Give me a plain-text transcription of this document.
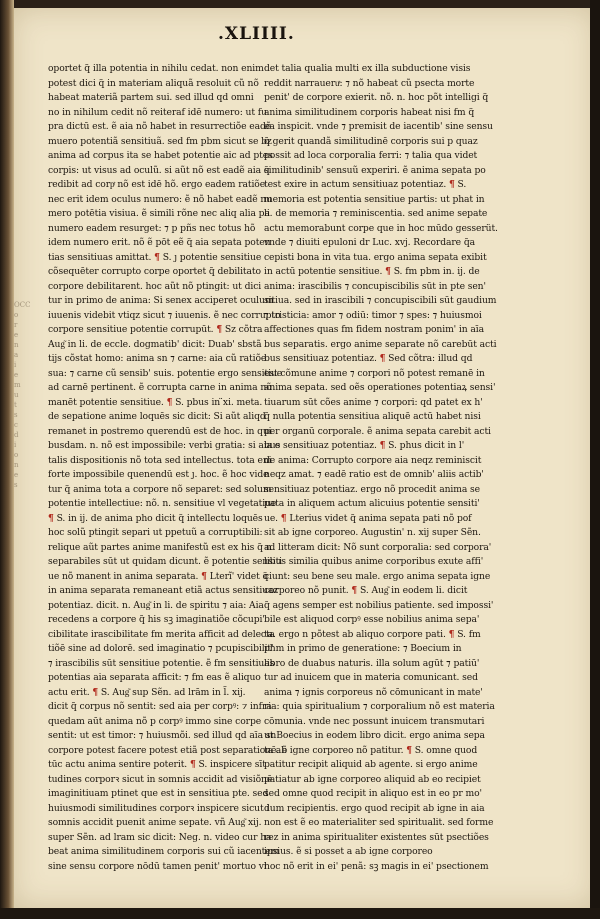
OCC
o
r
e
n
a
i
e
m
u
t
s
c
d
i
o
n
e
s
.XLIIII.
oportet q̃ illa potentia in nihilu cedat. non enim
potest dici q̃ in materiam aliquã resoluit cũ nõ
habeat materiã partem sui. sed illud qd omni
no in nihilum cedit nõ reiteraf idē numero: ut fu
pra dictū est. ẽ aia nõ habet in resurrectiõe eadẽ
muero potentiã sensitiuã. sed fm pbm sicut se bz
anima ad corpus ita se habet potentie aic ad ptes
corpis: ut visus ad oculũ. si aũt nõ est eadẽ aia q̃
redibit ad corpͬ nõ est idē hõ. ergo eadem ratiõe
nec erit idem oculus numero: ẽ nõ habet eadẽ nu
mero potētia visiua. ẽ simili rõne nec aliq alia pa
numero eadem resurget: ⁊ p pñs nec totus hõ
idem numero erit. nõ ẽ pōt eẽ q̃ aia sepata poten
tias sensitiuas amittat. ¶ S. ȷ potentie sensitiue
cõsequēter corrupto corpe oportet q̃ debilitato
corpore debilitarent. hoc aũt nõ ptingit: ut dici
tur in primo de anima: Si senex acciperet oculum
iuuenis videbit vtiqz sicut ⁊ iuuenis. ẽ nec corrupto
corpore sensitiue potentie corrupūt. ¶ Sz cõtra
Aug͂ in li. de eccle. dogmatib' dicit: Duab' sbstã
tijs cõstat homo: anima sn ⁊ carne: aia cũ ratiõe
sua: ⁊ carne cũ sensib' suis. potentie ergo sensitiue
ad carnē pertinent. ẽ corrupta carne in anima nõ
manēt potentie sensitiue. ¶ S. pbus in ̈xi. meta.
de sepatione anime loquēs sic dicit: Si aũt aliqd
remanet in postremo querendū est de hoc. in qui
busdam. n. nõ est impossibile: verbi gratia: si aia e
talis dispositionis nõ tota sed intellectus. tota eni
forte impossibile quenendū est ȷ. hoc. ẽ hoc vide
tur q̃ anima tota a corpore nõ separet: sed solum
potentie intellectiue: nõ. n. sensitiue vl vegetatiue
¶ S. in ij. de anima pho dicit q̃ intellectu loquēs
hoc solũ ptingit separi ut ppetuũ a corruptibili:
relique aũt partes anime manifestũ est ex his q̃ n
separabiles sūt ut quidam dicunt. ẽ potentie sensiti
ue nõ manent in anima separata. ¶ Lterĩ' videt q̃
in anima separata remaneant etiã actus sensitiuaz
potentiaz. dicit. n. Aug͂ in li. de spiritu ⁊ aia: Aia
recedens a corpore q̃ his sꝫ imaginatiõe cõcupi'
cibilitate irascibilitate fm merita afficit ad delecta
tiõē sine ad dolorē. sed imaginatio ⁊ pcupiscibilit'
⁊ irascibilis sūt sensitiue potentie. ẽ fm sensitiuas
potentias aia separata afficit: ⁊ fm eas ẽ aliquo
actu erit. ¶ S. Aug͂ sup Sẽn. ad lrām in l̃. xij.
dicit q̃ corpus nõ sentit: sed aia per corpꝰ: ⁊ infra
quedam aūt anima nõ p corpꝰ immo sine corpe
sentit: ut est timor: ⁊ huiusmõi. sed illud qd aīa sn
corpore potest facere potest etiã post separationē. ẽ
tūc actu anima sentire poterit. ¶ S. inspicere sīt
tudines corporꝛ sicut in somnis accidit ad visiõnē
imaginitiuam ptinet que est in sensitiua pte. sed
huiusmodi similitudines corporꝛ inspicere sicut i
somnis accidit puenit anime sepate. vñ Aug͂ xij.
super Sẽn. ad lram sic dicit: Neg. n. video cur ha
beat anima similitudinem corporis sui cũ iacentem
sine sensu corpore nōdū tamen penit' mortuo vi
det talia qualia multi ex illa subductione visis
reddit narraueruͬ: ⁊ nõ habeat cũ psecta morte
penit' de corpore exierit. nõ. n. hoc põt intelligi q̃
anima similitudinem corporis habeat nisi fm q̃
ea inspicit. vnde ⁊ premisit de iacentib' sine sensu
q̃ gerit quandã similitudinē corporis sui p quaz
possit ad loca corporalia ferri: ⁊ talia qua videt
similitudinib' sensuũ experiri. ẽ anima sepata po
test exire in actum sensitiuaz potentiaz. ¶ S.
memoria est potentia sensitiue partis: ut phat in
li. de memoria ⁊ reminiscentia. sed anime sepate
actu memorabunt corpe que in hoc mūdo gesserüt.
vnde ⁊ diuiti epuloni dr Luc. xvj. Recordare q̃a
cepisti bona in vita tua. ergo anima sepata exibit
in actū potentie sensitiue. ¶ S. fm pbm in. ij. de
anima: irascibilis ⁊ concupiscibilis sūt in pte sen'
sitiua. sed in irascibili ⁊ concupiscibili sūt gaudium
⁊ tristicia: amor ⁊ odiū: timor ⁊ spes: ⁊ huiusmoi
affectiones quas fm fidem nostram ponim' in aīa
bus separatis. ergo anime separate nõ carebūt acti
bus sensitiuaz potentiaz. ¶ Sed cõtra: illud qd
est cõmune anime ⁊ corpori nõ potest remanē in
anima sepata. sed oẽs operationes potentiaꝝ sensi'
tiuarum sūt cões anime ⁊ corpori: qd patet ex h'
q̃ nulla potentia sensitiua aliquē actū habet nisi
per organū corporale. ẽ anima sepata carebit acti
bus sensitiuaz potentiaz. ¶ S. phus dicit in l'
de anima: Corrupto corpore aia neqz reminiscit
neqz amat. ⁊ eadē ratio est de omnib' aliis actib'
sensitiuaz potentiaz. ergo nõ procedit anima se
pata in aliquem actum alicuius potentie sensiti'
ue. ¶ Lterius videt q̃ anima sepata pati nõ pof
sit ab igne corporeo. Augustin' n. xij super Sẽn.
ad litteram dicit: Nõ sunt corporalia: sed corpora'
libus similia quibus anime corporibus exute affi'
ciunt: seu bene seu male. ergo anima sepata igne
corporeo nõ punit. ¶ S. Aug͂ in eodem li. dicit
q̃ agens semper est nobilius patiente. sed impossi'
bile est aliquod corpꝰ esse nobilius anima sepa'
ta. ergo n põtest ab aliquo corpore pati. ¶ S. fm
phm in primo de generatione: ⁊ Boecium in
libro de duabus naturis. illa solum agūt ⁊ patiū'
tur ad inuicem que in materia comunicant. sed
anima ⁊ ignis corporeus nõ cōmunicant in mate'
ria: quia spiritualium ⁊ corporalium nõ est materia
cōmunia. vnde nec possunt inuicem transmutari
ut Boecius in eodem libro dicit. ergo anima sepa
ta ab igne corporeo nõ patitur. ¶ S. omne quod
patitur recipit aliquid ab agente. si ergo anime
patiatur ab igne corporeo aliquid ab eo recipiet
sed omne quod recipit in aliquo est in eo pr mo'
dum recipientis. ergo quod recipit ab igne in aia
non est ẽ eo materialiter sed spiritualit. sed forme
rez in anima spiritualiter existentes sūt psectiões
ipsius. ẽ si posset a ab igne corporeo
hoc nõ erit in ei' penã: sꝫ magis in ei' psectionem
